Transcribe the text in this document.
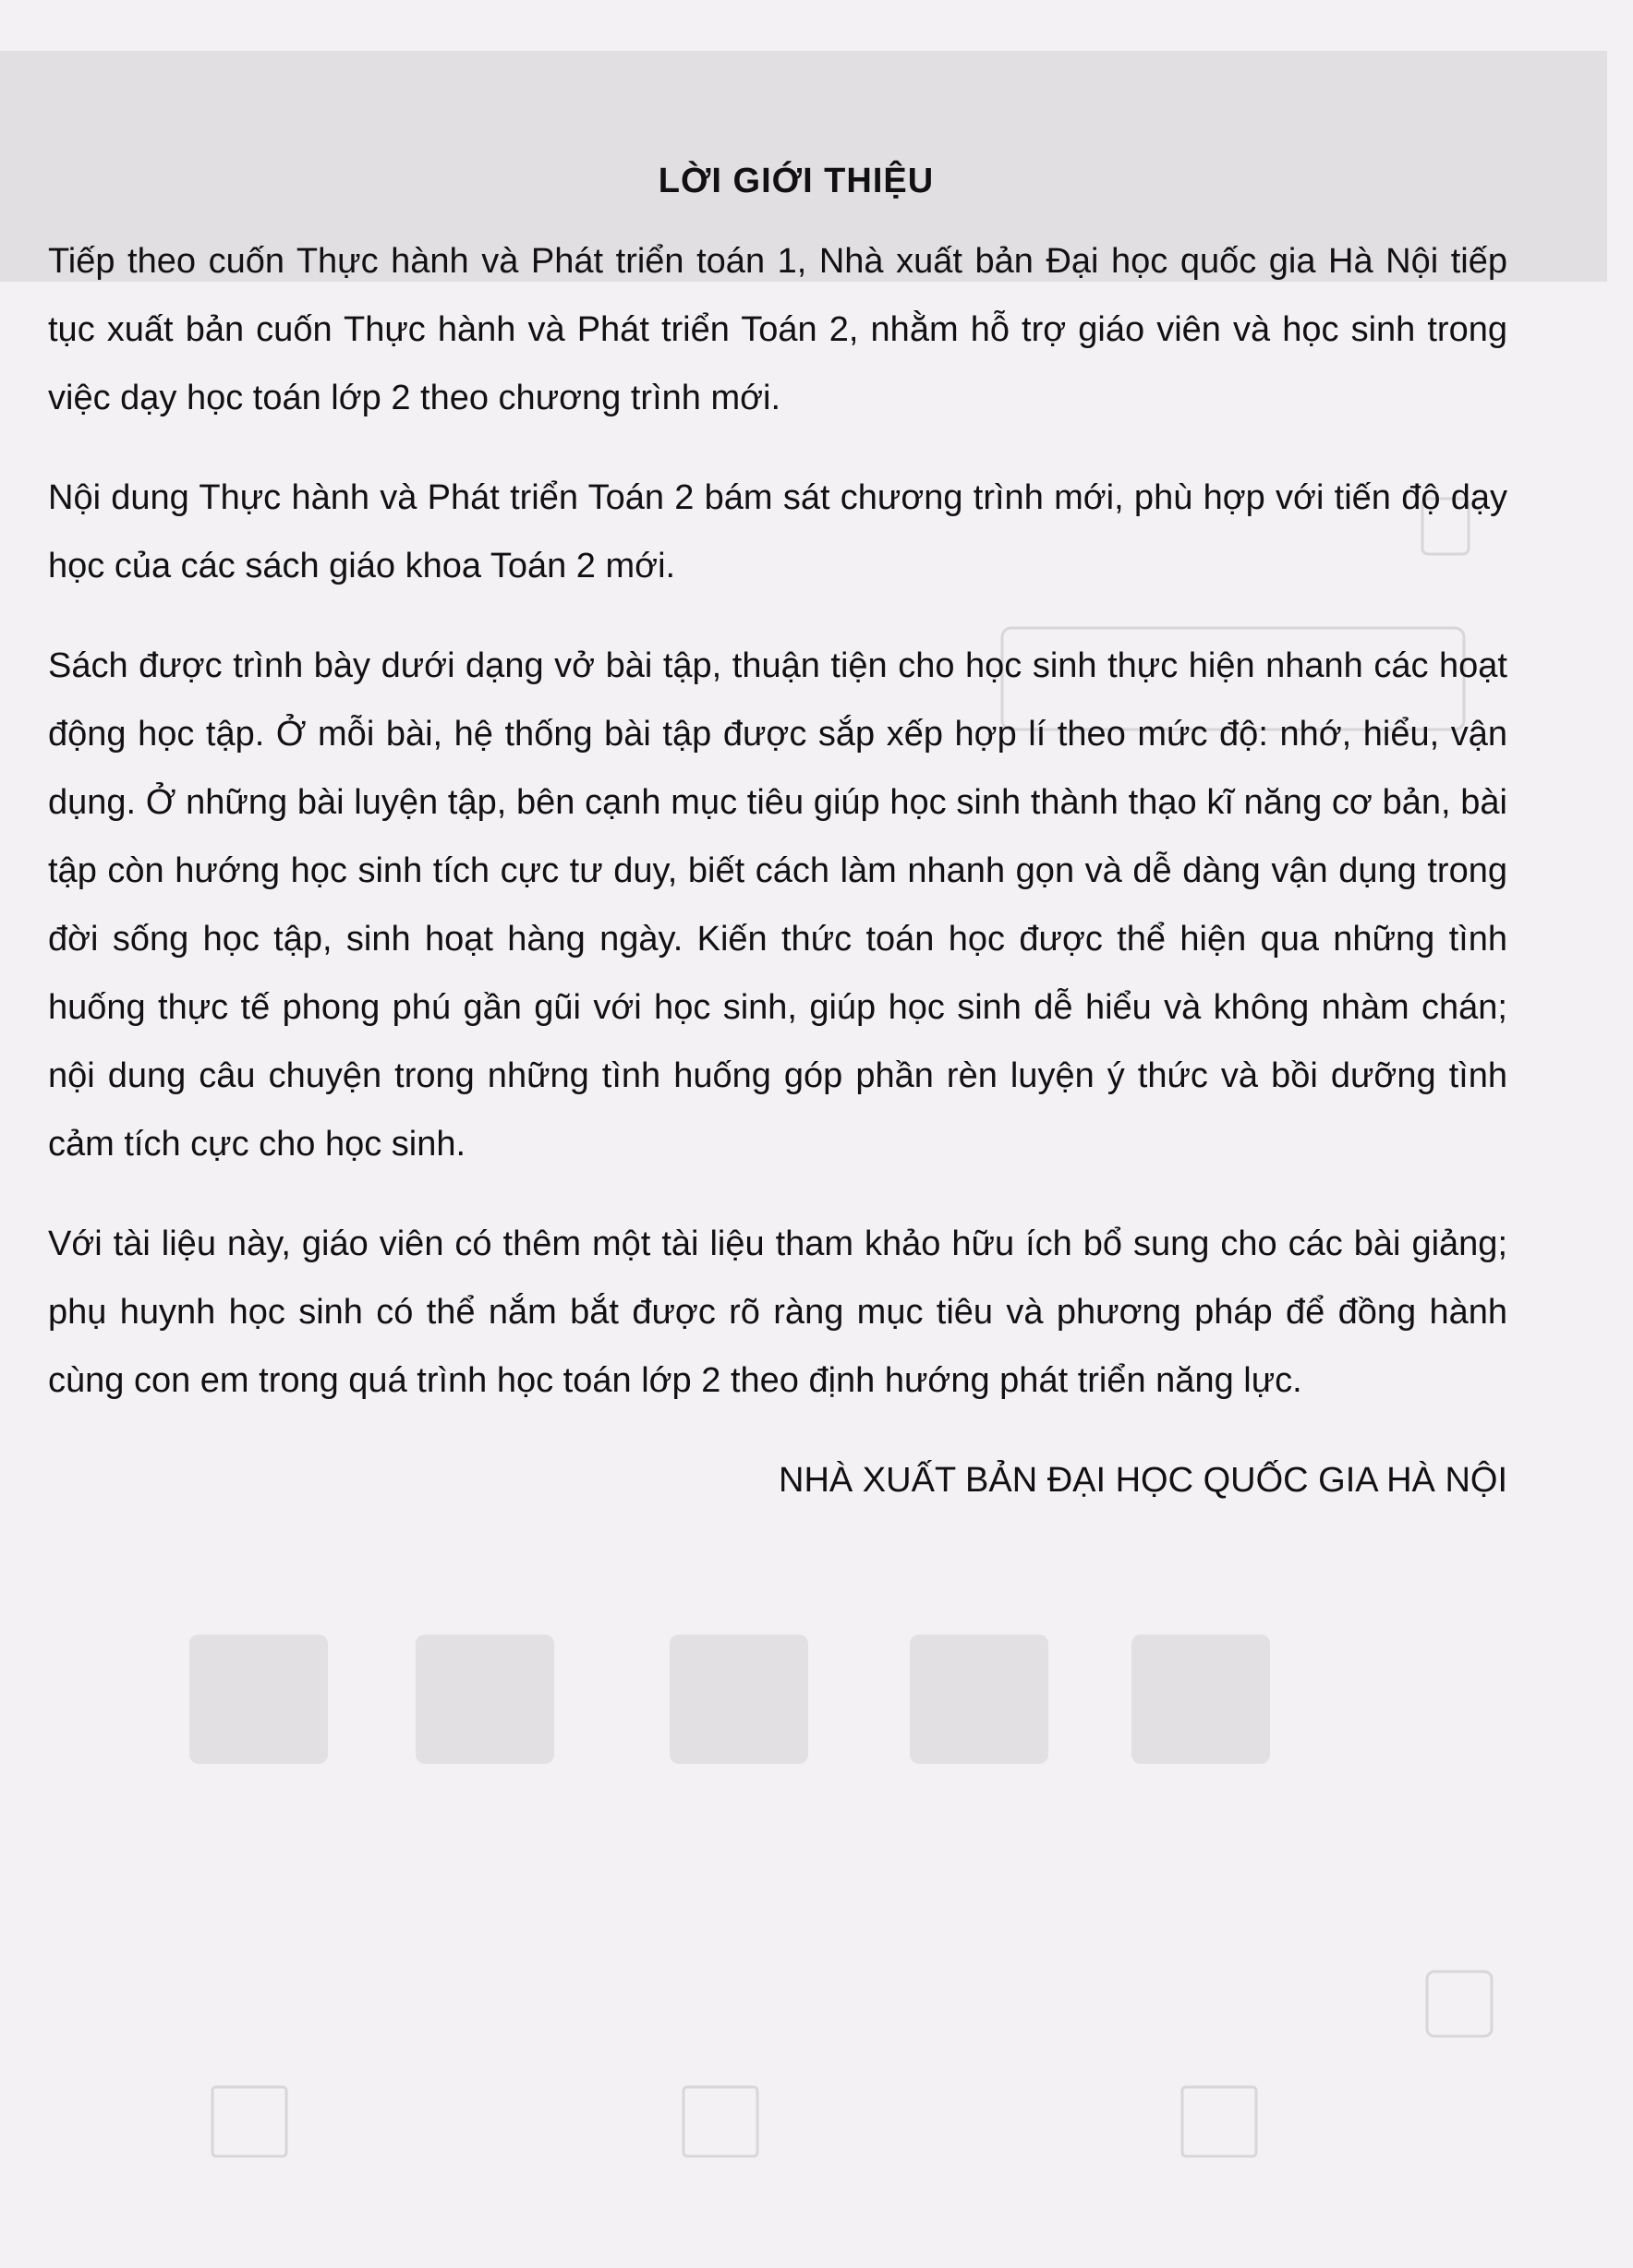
LỜI GIỚI THIỆU

Tiếp theo cuốn Thực hành và Phát triển toán 1, Nhà xuất bản Đại học quốc gia Hà Nội tiếp tục xuất bản cuốn Thực hành và Phát triển Toán 2, nhằm hỗ trợ giáo viên và học sinh trong việc dạy học toán lớp 2 theo chương trình mới.

Nội dung Thực hành và Phát triển Toán 2 bám sát chương trình mới, phù hợp với tiến độ dạy học của các sách giáo khoa Toán 2 mới.

Sách được trình bày dưới dạng vở bài tập, thuận tiện cho học sinh thực hiện nhanh các hoạt động học tập. Ở mỗi bài, hệ thống bài tập được sắp xếp hợp lí theo mức độ: nhớ, hiểu, vận dụng. Ở những bài luyện tập, bên cạnh mục tiêu giúp học sinh thành thạo kĩ năng cơ bản, bài tập còn hướng học sinh tích cực tư duy, biết cách làm nhanh gọn và dễ dàng vận dụng trong đời sống học tập, sinh hoạt hàng ngày. Kiến thức toán học được thể hiện qua những tình huống thực tế phong phú gần gũi với học sinh, giúp học sinh dễ hiểu và không nhàm chán; nội dung câu chuyện trong những tình huống góp phần rèn luyện ý thức và bồi dưỡng tình cảm tích cực cho học sinh.

Với tài liệu này, giáo viên có thêm một tài liệu tham khảo hữu ích bổ sung cho các bài giảng; phụ huynh học sinh có thể nắm bắt được rõ ràng mục tiêu và phương pháp để đồng hành cùng con em trong quá trình học toán lớp 2 theo định hướng phát triển năng lực.

NHÀ XUẤT BẢN ĐẠI HỌC QUỐC GIA HÀ NỘI
